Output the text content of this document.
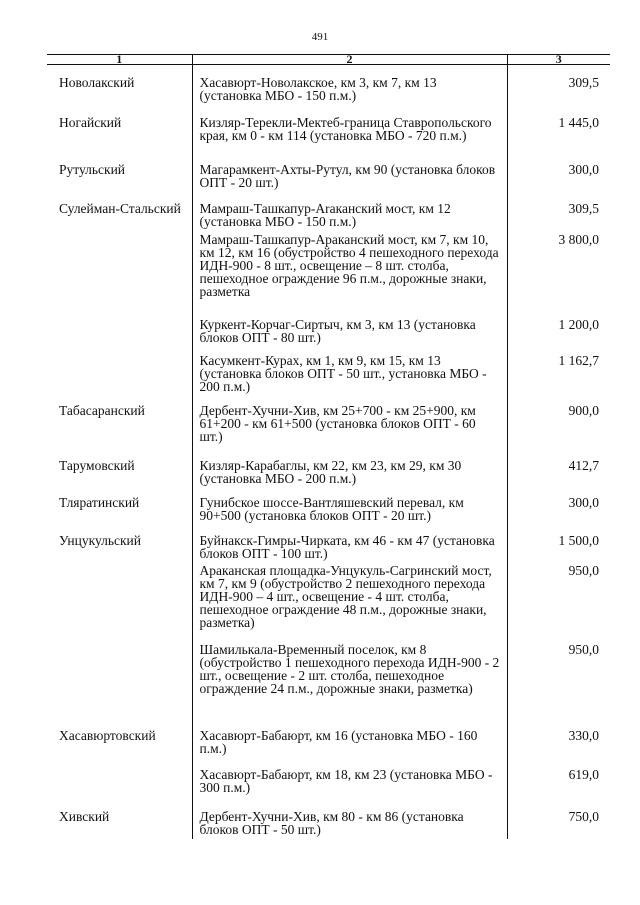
491
1	2	3
Новолакский	Хасавюрт-Новолакское, км 3, км 7, км 13 (установка МБО - 150 п.м.)	309,5
Ногайский	Кизляр-Терекли-Мектеб-граница Ставропольского края, км 0 - км 114 (установка МБО - 720 п.м.)	1 445,0
Рутульский	Магарамкент-Ахты-Рутул, км 90 (установка блоков ОПТ - 20 шт.)	300,0
Сулейман-Стальский	Мамраш-Ташкапур-Araканский мост, км 12 (установка МБО - 150 п.м.)	309,5

	Мамраш-Ташкапур-Араканский мост, км 7, км 10, км 12, км 16 (обустройство 4 пешеходного перехода ИДН-900 - 8 шт., освещение – 8 шт. столба, пешеходное ограждение 96 п.м., дорожные знаки, разметка	3 800,0

	Куркент-Корчаг-Сиртыч, км 3, км 13 (установка блоков ОПТ - 80 шт.)	1 200,0

	Касумкент-Курах, км 1, км 9, км 15, км 13 (установка блоков ОПТ - 50 шт., установка МБО - 200 п.м.)	1 162,7
Табасаранский	Дербент-Хучни-Хив, км 25+700 - км 25+900, км 61+200 - км 61+500 (установка блоков ОПТ - 60 шт.)	900,0
Тарумовский	Кизляр-Карабаглы, км 22, км 23, км 29, км 30 (установка МБО - 200 п.м.)	412,7
Тляратинский	Гунибское шоссе-Вантляшевский перевал, км 90+500 (установка блоков ОПТ - 20 шт.)	300,0
Унцукульский	Буйнакск-Гимры-Чиркатa, км 46 - км 47 (установка блоков ОПТ - 100 шт.)	1 500,0

	Араканская площадка-Унцукуль-Сагринский мост, км 7, км 9 (обустройство 2 пешеходного перехода ИДН-900 – 4 шт., освещение - 4 шт. столба, пешеходное ограждение 48 п.м., дорожные знаки, разметка)	950,0

	Шамилькала-Временный поселок, км 8 (обустройство 1 пешеходного перехода ИДН-900 - 2 шт., освещение - 2 шт. столба, пешеходное ограждение 24 п.м., дорожные знаки, разметка)	950,0
Хасавюртовский	Хасавюрт-Бабаюрт, км 16 (установка МБО - 160 п.м.)	330,0

	Хасавюрт-Бабаюрт, км 18, км 23 (установка МБО - 300 п.м.)	619,0
Хивский	Дербент-Хучни-Хив, км 80 - км 86 (установка блоков ОПТ - 50 шт.)	750,0
